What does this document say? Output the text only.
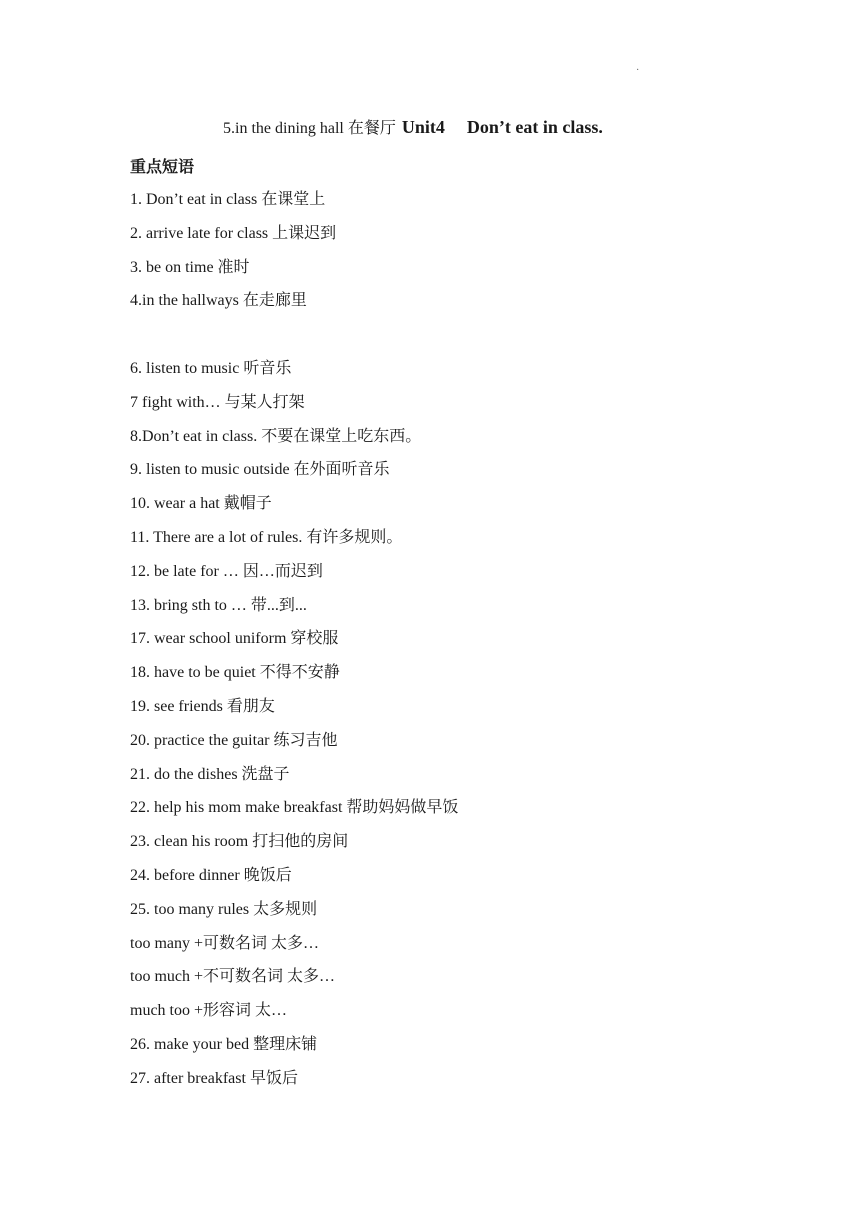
·
5.in the dining hall 在餐厅 Unit4 Don’t eat in class.
重点短语
1. Don’t eat in class 在课堂上
2. arrive late for class 上课迟到
3. be on time 准时
4.in the hallways 在走廊里
6. listen to music 听音乐
7 fight with… 与某人打架
8.Don’t eat in class. 不要在课堂上吃东西。
9. listen to music outside 在外面听音乐
10. wear a hat 戴帽子
11. There are a lot of rules. 有许多规则。
12. be late for … 因…而迟到
13. bring sth to … 带...到...
17. wear school uniform 穿校服
18. have to be quiet 不得不安静
19. see friends 看朋友
20. practice the guitar 练习吉他
21. do the dishes 洗盘子
22. help his mom make breakfast 帮助妈妈做早饭
23. clean his room 打扫他的房间
24. before dinner 晚饭后
25. too many rules 太多规则
too many +可数名词 太多…
too much +不可数名词 太多…
much too +形容词 太…
26. make your bed 整理床铺
27. after breakfast 早饭后
